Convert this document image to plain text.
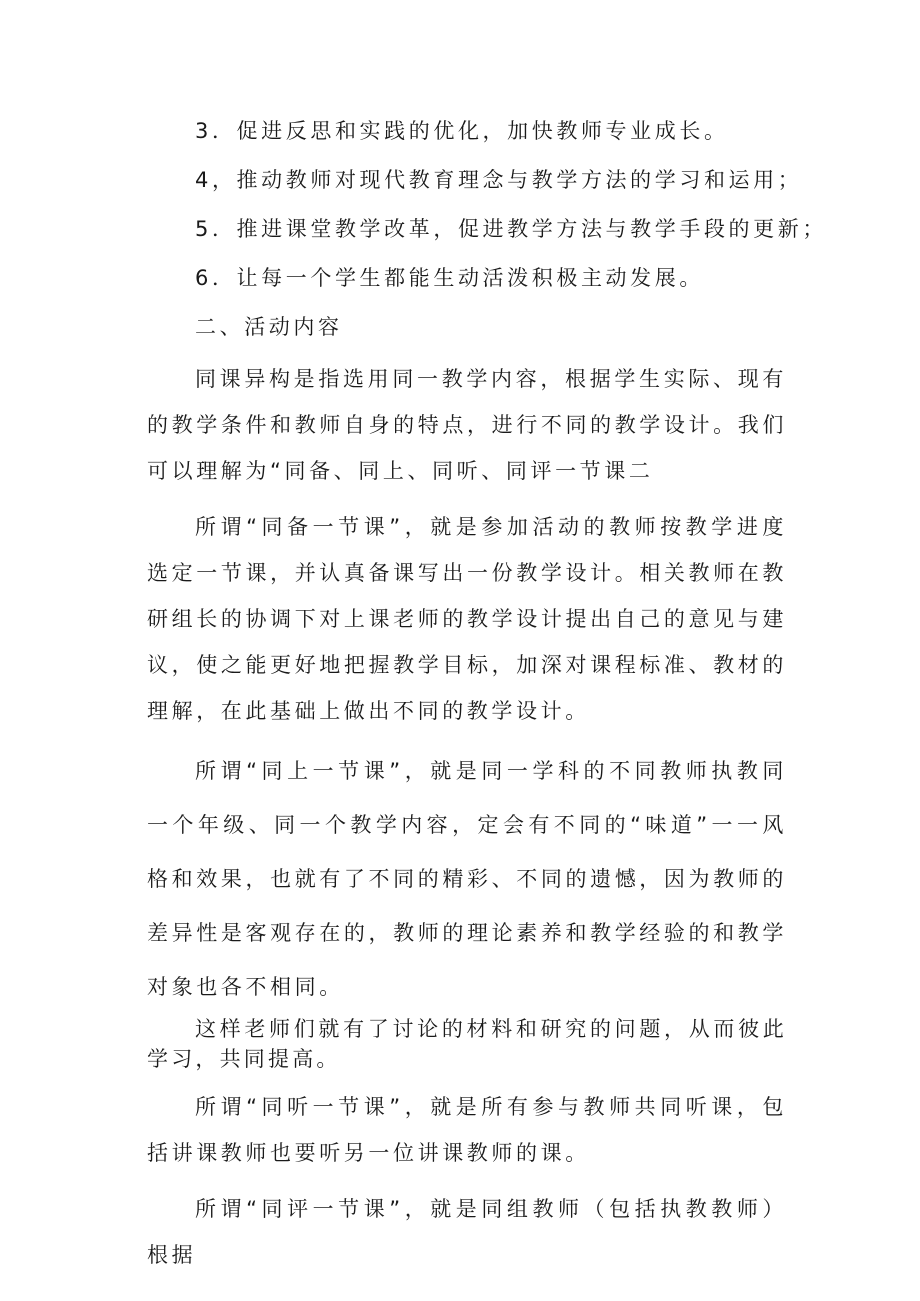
3．促进反思和实践的优化，加快教师专业成长。

4，推动教师对现代教育理念与教学方法的学习和运用；

5．推进课堂教学改革，促进教学方法与教学手段的更新；

6．让每一个学生都能生动活泼积极主动发展。

二、活动内容

同课异构是指选用同一教学内容，根据学生实际、现有的教学条件和教师自身的特点，进行不同的教学设计。我们可以理解为“同备、同上、同听、同评一节课二

所谓“同备一节课”，就是参加活动的教师按教学进度选定一节课，并认真备课写出一份教学设计。相关教师在教研组长的协调下对上课老师的教学设计提出自己的意见与建议，使之能更好地把握教学目标，加深对课程标准、教材的理解，在此基础上做出不同的教学设计。

所谓“同上一节课”，就是同一学科的不同教师执教同一个年级、同一个教学内容，定会有不同的“味道”一一风格和效果，也就有了不同的精彩、不同的遗憾，因为教师的差异性是客观存在的，教师的理论素养和教学经验的和教学对象也各不相同。

这样老师们就有了讨论的材料和研究的问题，从而彼此学习，共同提高。

所谓“同听一节课”，就是所有参与教师共同听课，包括讲课教师也要听另一位讲课教师的课。

所谓“同评一节课”，就是同组教师（包括执教教师）根据
